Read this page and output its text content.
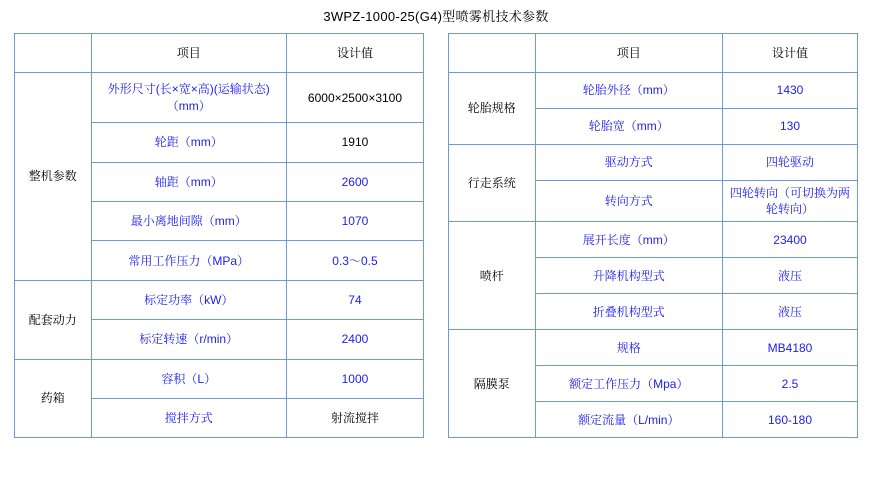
3WPZ-1000-25(G4)型喷雾机技术参数
	项目	设计值
整机参数	外形尺寸(长×宽×高)(运输状态)（mm）	6000×2500×3100
	轮距（mm）	1910
	轴距（mm）	2600
	最小离地间隙（mm）	1070
	常用工作压力（MPa）	0.3～0.5
配套动力	标定功率（kW）	74
	标定转速（r/min）	2400
药箱	容积（L）	1000
	搅拌方式	射流搅拌
	项目	设计值
轮胎规格	轮胎外径（mm）	1430
	轮胎宽（mm）	130
行走系统	驱动方式	四轮驱动
	转向方式	四轮转向（可切换为两轮转向）
喷杆	展开长度（mm）	23400
	升降机构型式	液压
	折叠机构型式	液压
隔膜泵	规格	MB4180
	额定工作压力（Mpa）	2.5
	额定流量（L/min）	160-180
